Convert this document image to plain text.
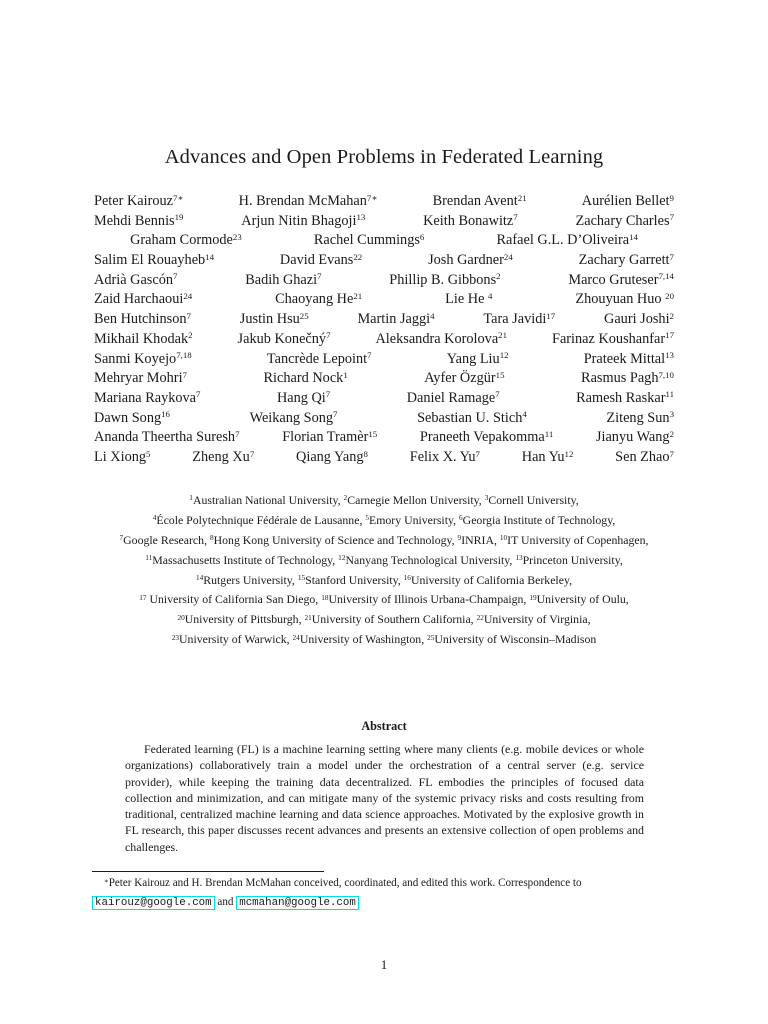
Advances and Open Problems in Federated Learning
Peter Kairouz$^{7∗}$	H. Brendan McMahan$^{7∗}$	Brendan Avent$^{21}$	Aurélien Bellet$^9$
Mehdi Bennis$^{19}$	Arjun Nitin Bhagoji$^{13}$	Keith Bonawitz$^7$	Zachary Charles$^7$
Graham Cormode$^{23}$	Rachel Cummings$^6$	Rafael G.L. D’Oliveira$^{14}$
Salim El Rouayheb$^{14}$	David Evans$^{22}$	Josh Gardner$^{24}$	Zachary Garrett$^7$
Adrià Gascón$^7$	Badih Ghazi$^7$	Phillip B. Gibbons$^2$	Marco Gruteser$^{7,14}$
Zaid Harchaoui$^{24}$	Chaoyang He$^{21}$	Lie He $^4$	Zhouyuan Huo $^{20}$
Ben Hutchinson$^7$	Justin Hsu$^{25}$	Martin Jaggi$^4$	Tara Javidi$^{17}$	Gauri Joshi$^2$
Mikhail Khodak$^2$	Jakub Konečný$^7$	Aleksandra Korolova$^{21}$	Farinaz Koushanfar$^{17}$
Sanmi Koyejo$^{7,18}$	Tancrède Lepoint$^7$	Yang Liu$^{12}$	Prateek Mittal$^{13}$
Mehryar Mohri$^7$	Richard Nock$^1$	Ayfer Özgür$^{15}$	Rasmus Pagh$^{7,10}$
Mariana Raykova$^7$	Hang Qi$^7$	Daniel Ramage$^7$	Ramesh Raskar$^{11}$
Dawn Song$^{16}$	Weikang Song$^7$	Sebastian U. Stich$^4$	Ziteng Sun$^3$
Ananda Theertha Suresh$^7$	Florian Tramèr$^{15}$	Praneeth Vepakomma$^{11}$	Jianyu Wang$^2$
Li Xiong$^5$	Zheng Xu$^7$	Qiang Yang$^8$	Felix X. Yu$^7$	Han Yu$^{12}$	Sen Zhao$^7$
$^1$Australian National University, $^2$Carnegie Mellon University, $^3$Cornell University,
$^4$École Polytechnique Fédérale de Lausanne, $^5$Emory University, $^6$Georgia Institute of Technology,
$^7$Google Research, $^8$Hong Kong University of Science and Technology, $^9$INRIA, $^{10}$IT University of Copenhagen,
$^{11}$Massachusetts Institute of Technology, $^{12}$Nanyang Technological University, $^{13}$Princeton University,
$^{14}$Rutgers University, $^{15}$Stanford University, $^{16}$University of California Berkeley,
$^{17}$ University of California San Diego, $^{18}$University of Illinois Urbana-Champaign, $^{19}$University of Oulu,
$^{20}$University of Pittsburgh, $^{21}$University of Southern California, $^{22}$University of Virginia,
$^{23}$University of Warwick, $^{24}$University of Washington, $^{25}$University of Wisconsin–Madison
Abstract
Federated learning (FL) is a machine learning setting where many clients (e.g. mobile devices or whole organizations) collaboratively train a model under the orchestration of a central server (e.g. service provider), while keeping the training data decentralized. FL embodies the principles of focused data collection and minimization, and can mitigate many of the systemic privacy risks and costs resulting from traditional, centralized machine learning and data science approaches. Motivated by the explosive growth in FL research, this paper discusses recent advances and presents an extensive collection of open problems and challenges.
∗Peter Kairouz and H. Brendan McMahan conceived, coordinated, and edited this work. Correspondence to kairouz@google.com and mcmahan@google.com
1
